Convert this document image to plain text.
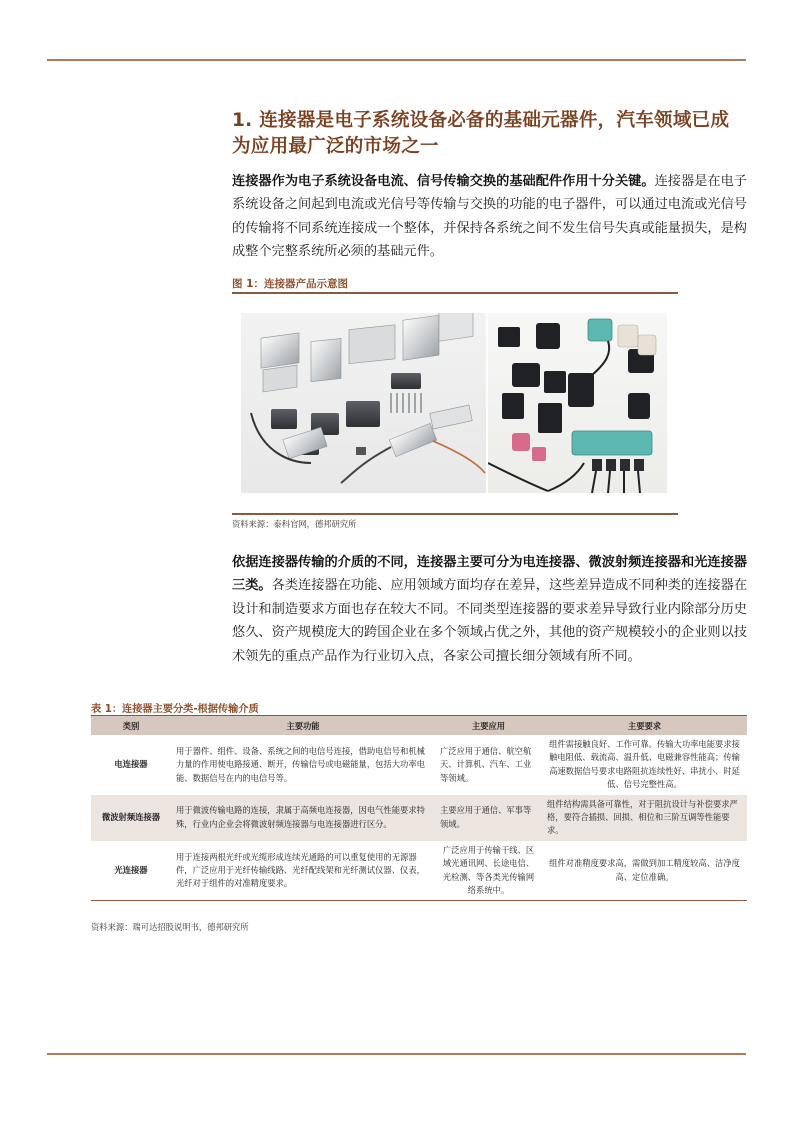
1. 连接器是电子系统设备必备的基础元器件，汽车领域已成为应用最广泛的市场之一
连接器作为电子系统设备电流、信号传输交换的基础配件作用十分关键。连接器是在电子系统设备之间起到电流或光信号等传输与交换的功能的电子器件，可以通过电流或光信号的传输将不同系统连接成一个整体，并保持各系统之间不发生信号失真或能量损失，是构成整个完整系统所必须的基础元件。
图 1：连接器产品示意图
资料来源：泰科官网，德邦研究所
依据连接器传输的介质的不同，连接器主要可分为电连接器、微波射频连接器和光连接器三类。各类连接器在功能、应用领域方面均存在差异，这些差异造成不同种类的连接器在设计和制造要求方面也存在较大不同。不同类型连接器的要求差异导致行业内除部分历史悠久、资产规模庞大的跨国企业在多个领域占优之外，其他的资产规模较小的企业则以技术领先的重点产品作为行业切入点，各家公司擅长细分领域有所不同。
表 1：连接器主要分类-根据传输介质
类别	主要功能	主要应用	主要要求
电连接器	用于器件、组件、设备、系统之间的电信号连接，借助电信号和机械力量的作用使电路接通、断开，传输信号或电磁能量，包括大功率电能、数据信号在内的电信号等。	广泛应用于通信、航空航天、计算机、汽车、工业等领域。	组件需接触良好、工作可靠。传输大功率电能要求接触电阻低、载流高、温升低、电磁兼容性能高；传输高速数据信号要求电路阻抗连续性好、串扰小、时延低、信号完整性高。
微波射频连接器	用于微波传输电路的连接，隶属于高频电连接器，因电气性能要求特殊，行业内企业会将微波射频连接器与电连接器进行区分。	主要应用于通信、军事等领域。	组件结构需具备可靠性，对于阻抗设计与补偿要求严格，要符合插损、回损、相位和三阶互调等性能要求。
光连接器	用于连接两根光纤或光缆形成连续光通路的可以重复使用的无源器件，广泛应用于光纤传输线路、光纤配线架和光纤测试仪器、仪表，光纤对于组件的对准精度要求。	广泛应用于传输干线、区域光通讯网、长途电信、光检测、等各类光传输网络系统中。	组件对准精度要求高，需做到加工精度较高、洁净度高、定位准确。
资料来源：瑞可达招股说明书，德邦研究所
